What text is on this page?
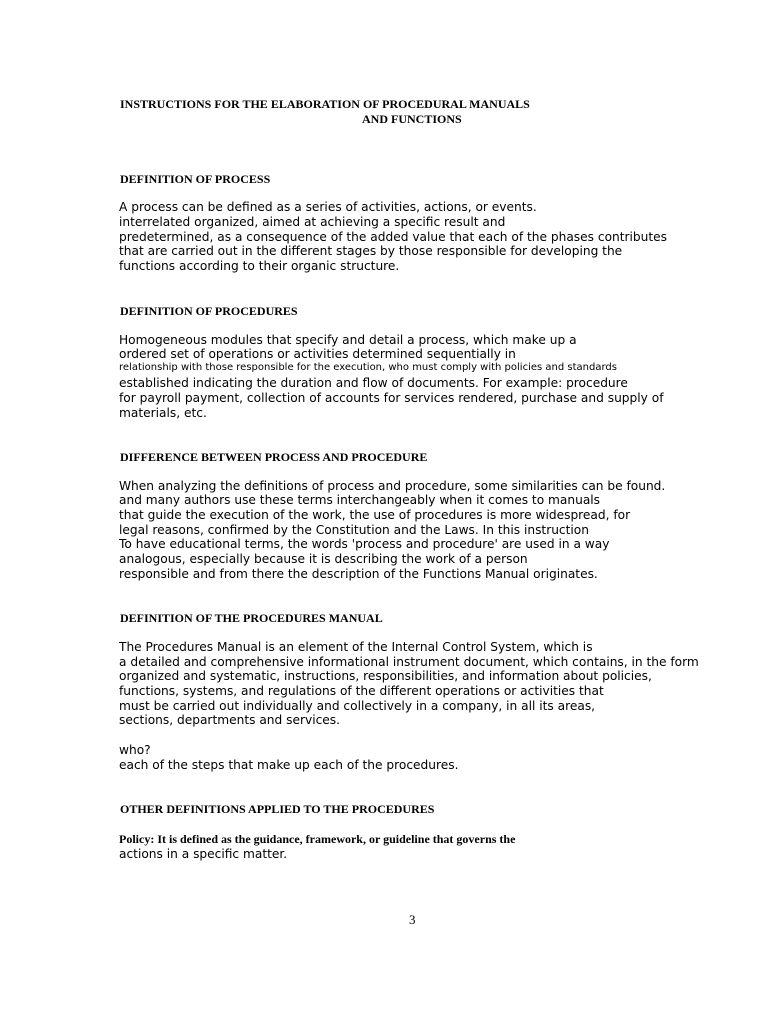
INSTRUCTIONS FOR THE ELABORATION OF PROCEDURAL MANUALS
AND FUNCTIONS
DEFINITION OF PROCESS
A process can be defined as a series of activities, actions, or events.
interrelated organized, aimed at achieving a specific result and
predetermined, as a consequence of the added value that each of the phases contributes
that are carried out in the different stages by those responsible for developing the
functions according to their organic structure.
DEFINITION OF PROCEDURES
Homogeneous modules that specify and detail a process, which make up a
ordered set of operations or activities determined sequentially in
relationship with those responsible for the execution, who must comply with policies and standards
established indicating the duration and flow of documents. For example: procedure
for payroll payment, collection of accounts for services rendered, purchase and supply of
materials, etc.
DIFFERENCE BETWEEN PROCESS AND PROCEDURE
When analyzing the definitions of process and procedure, some similarities can be found.
and many authors use these terms interchangeably when it comes to manuals
that guide the execution of the work, the use of procedures is more widespread, for
legal reasons, confirmed by the Constitution and the Laws. In this instruction
To have educational terms, the words 'process and procedure' are used in a way
analogous, especially because it is describing the work of a person
responsible and from there the description of the Functions Manual originates.
DEFINITION OF THE PROCEDURES MANUAL
The Procedures Manual is an element of the Internal Control System, which is
a detailed and comprehensive informational instrument document, which contains, in the form
organized and systematic, instructions, responsibilities, and information about policies,
functions, systems, and regulations of the different operations or activities that
must be carried out individually and collectively in a company, in all its areas,
sections, departments and services.
who?
each of the steps that make up each of the procedures.
OTHER DEFINITIONS APPLIED TO THE PROCEDURES
Policy: It is defined as the guidance, framework, or guideline that governs the
actions in a specific matter.
3
